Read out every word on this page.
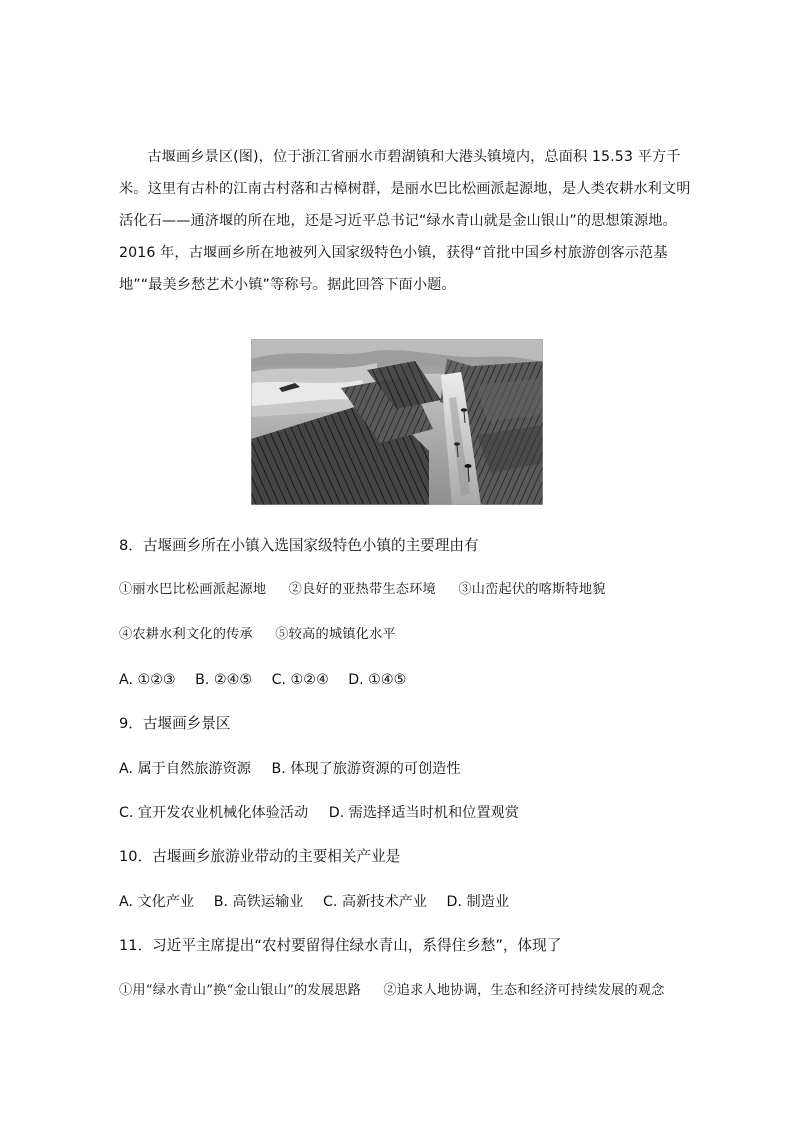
古堰画乡景区(图)，位于浙江省丽水市碧湖镇和大港头镇境内，总面积 15.53 平方千米。这里有古朴的江南古村落和古樟树群，是丽水巴比松画派起源地，是人类农耕水利文明活化石——通济堰的所在地，还是习近平总书记“绿水青山就是金山银山”的思想策源地。2016 年，古堰画乡所在地被列入国家级特色小镇，获得“首批中国乡村旅游创客示范基地”“最美乡愁艺术小镇”等称号。据此回答下面小题。

8．古堰画乡所在小镇入选国家级特色小镇的主要理由有

①丽水巴比松画派起源地 ②良好的亚热带生态环境 ③山峦起伏的喀斯特地貌

④农耕水利文化的传承 ⑤较高的城镇化水平

A. ①②③ B. ②④⑤ C. ①②④ D. ①④⑤

9．古堰画乡景区

A. 属于自然旅游资源 B. 体现了旅游资源的可创造性

C. 宜开发农业机械化体验活动 D. 需选择适当时机和位置观赏

10．古堰画乡旅游业带动的主要相关产业是

A. 文化产业 B. 高铁运输业 C. 高新技术产业 D. 制造业

11．习近平主席提出“农村要留得住绿水青山，系得住乡愁”，体现了

①用“绿水青山”换“金山银山”的发展思路 ②追求人地协调，生态和经济可持续发展的观念
